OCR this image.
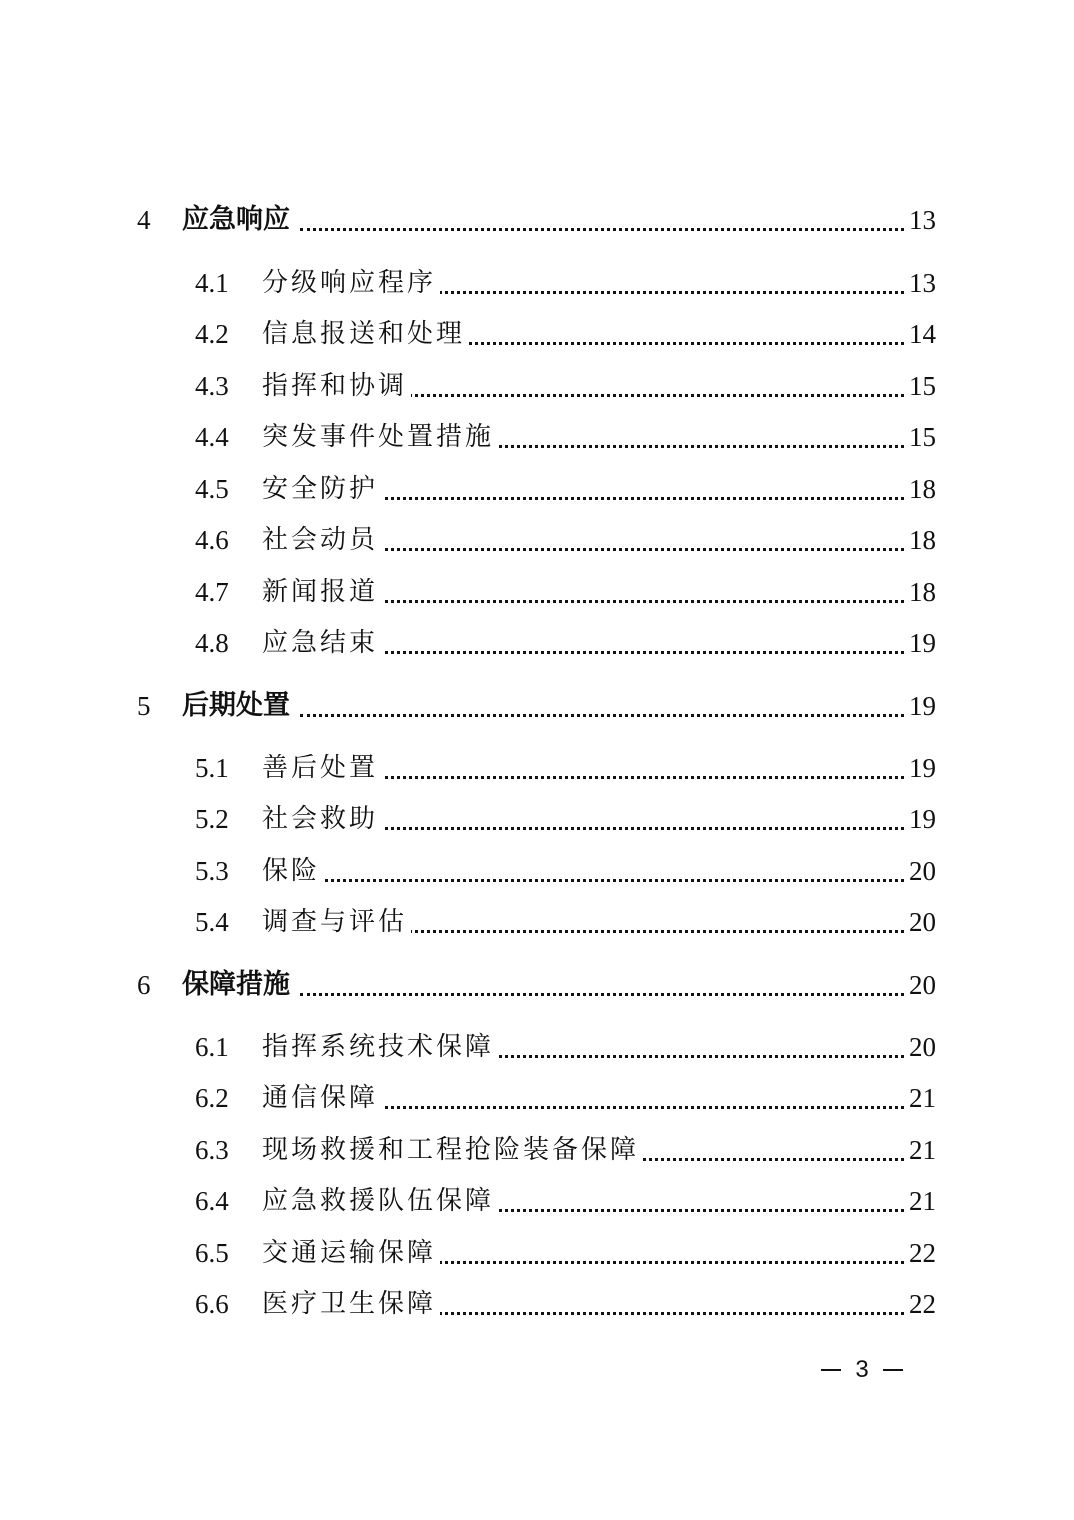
4 应急响应	13
4.1 分级响应程序	13
4.2 信息报送和处理	14
4.3 指挥和协调	15
4.4 突发事件处置措施	15
4.5 安全防护	18
4.6 社会动员	18
4.7 新闻报道	18
4.8 应急结束	19
5 后期处置	19
5.1 善后处置	19
5.2 社会救助	19
5.3 保险	20
5.4 调查与评估	20
6 保障措施	20
6.1 指挥系统技术保障	20
6.2 通信保障	21
6.3 现场救援和工程抢险装备保障	21
6.4 应急救援队伍保障	21
6.5 交通运输保障	22
6.6 医疗卫生保障	22
3
